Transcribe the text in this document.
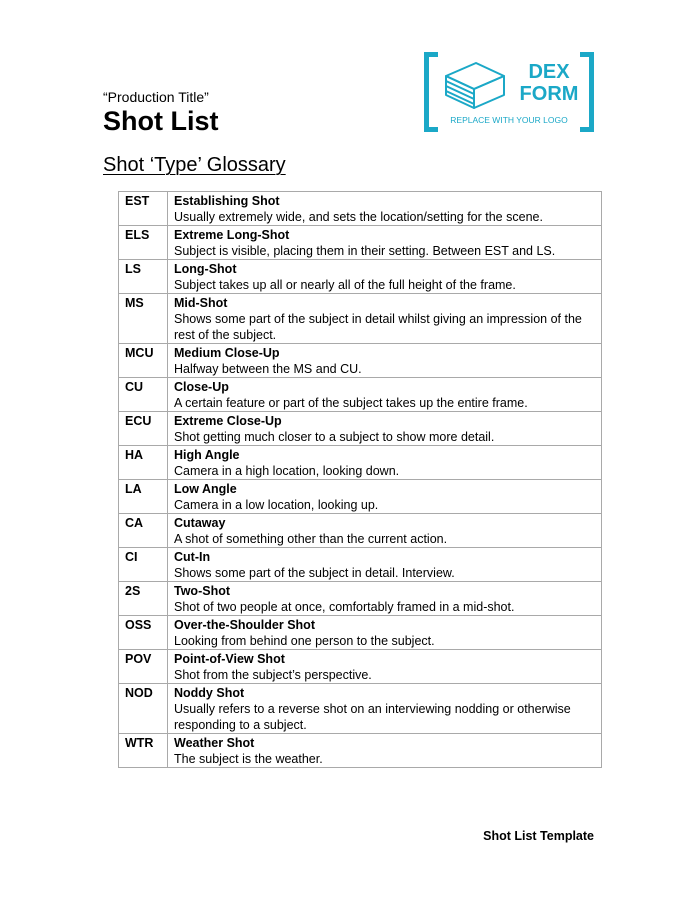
“Production Title”
Shot List
DEX
FORM
REPLACE WITH YOUR LOGO
Shot ‘Type’ Glossary
EST	Establishing Shot
Usually extremely wide, and sets the location/setting for the scene.

ELS	Extreme Long-Shot
Subject is visible, placing them in their setting. Between EST and LS.

LS	Long-Shot
Subject takes up all or nearly all of the full height of the frame.

MS	Mid-Shot
Shows some part of the subject in detail whilst giving an impression of the rest of the subject.

MCU	Medium Close-Up
Halfway between the MS and CU.

CU	Close-Up
A certain feature or part of the subject takes up the entire frame.

ECU	Extreme Close-Up
Shot getting much closer to a subject to show more detail.

HA	High Angle
Camera in a high location, looking down.

LA	Low Angle
Camera in a low location, looking up.

CA	Cutaway
A shot of something other than the current action.

CI	Cut-In
Shows some part of the subject in detail. Interview.

2S	Two-Shot
Shot of two people at once, comfortably framed in a mid-shot.

OSS	Over-the-Shoulder Shot
Looking from behind one person to the subject.

POV	Point-of-View Shot
Shot from the subject’s perspective.

NOD	Noddy Shot
Usually refers to a reverse shot on an interviewing nodding or otherwise responding to a subject.

WTR	Weather Shot
The subject is the weather.
Shot List Template
